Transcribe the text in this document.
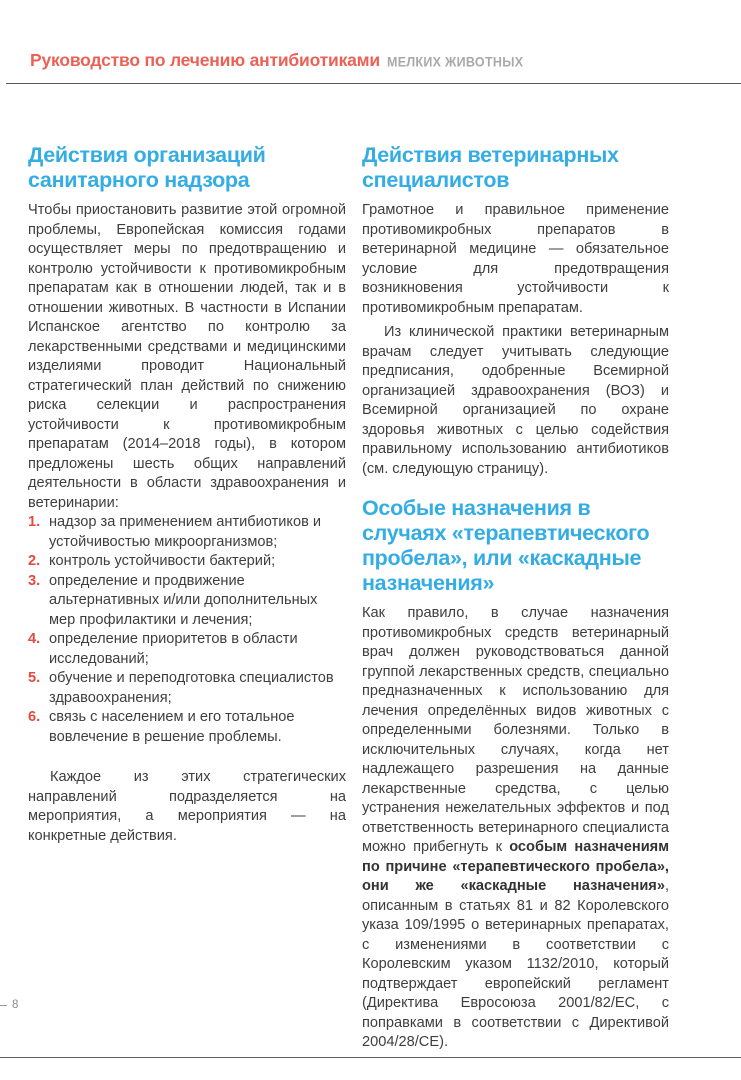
Руководство по лечению антибиотиками МЕЛКИХ ЖИВОТНЫХ
Действия организаций санитарного надзора

Чтобы приостановить развитие этой огромной проблемы, Европейская комиссия годами осуществляет меры по предотвращению и контролю устойчивости к противомикробным препаратам как в отношении людей, так и в отношении животных. В частности в Испании Испанское агентство по контролю за лекарственными средствами и медицинскими изделиями проводит Национальный стратегический план действий по снижению риска селекции и распространения устойчивости к противомикробным препаратам (2014–2018 годы), в котором предложены шесть общих направлений деятельности в области здравоохранения и ветеринарии:

1. надзор за применением антибиотиков и устойчивостью микроорганизмов;
2. контроль устойчивости бактерий;
3. определение и продвижение альтернативных и/или дополнительных мер профилактики и лечения;
4. определение приоритетов в области исследований;
5. обучение и переподготовка специалистов здравоохранения;
6. связь с населением и его тотальное вовлечение в решение проблемы.

Каждое из этих стратегических направлений подразделяется на мероприятия, а мероприятия — на конкретные действия.

Действия ветеринарных специалистов

Грамотное и правильное применение противомикробных препаратов в ветеринарной медицине — обязательное условие для предотвращения возникновения устойчивости к противомикробным препаратам.

Из клинической практики ветеринарным врачам следует учитывать следующие предписания, одобренные Всемирной организацией здравоохранения (ВОЗ) и Всемирной организацией по охране здоровья животных с целью содействия правильному использованию антибиотиков (см. следующую страницу).

Особые назначения в случаях «терапевтического пробела», или «каскадные назначения»

Как правило, в случае назначения противомикробных средств ветеринарный врач должен руководствоваться данной группой лекарственных средств, специально предназначенных к использованию для лечения определённых видов животных с определенными болезнями. Только в исключительных случаях, когда нет надлежащего разрешения на данные лекарственные средства, с целью устранения нежелательных эффектов и под ответственность ветеринарного специалиста можно прибегнуть к особым назначениям по причине «терапевтического пробела», они же «каскадные назначения», описанным в статьях 81 и 82 Королевского указа 109/1995 о ветеринарных препаратах, с изменениями в соответствии с Королевским указом 1132/2010, который подтверждает европейский регламент (Директива Евросоюза 2001/82/ЕС, с поправками в соответствии с Директивой 2004/28/СЕ).

8
